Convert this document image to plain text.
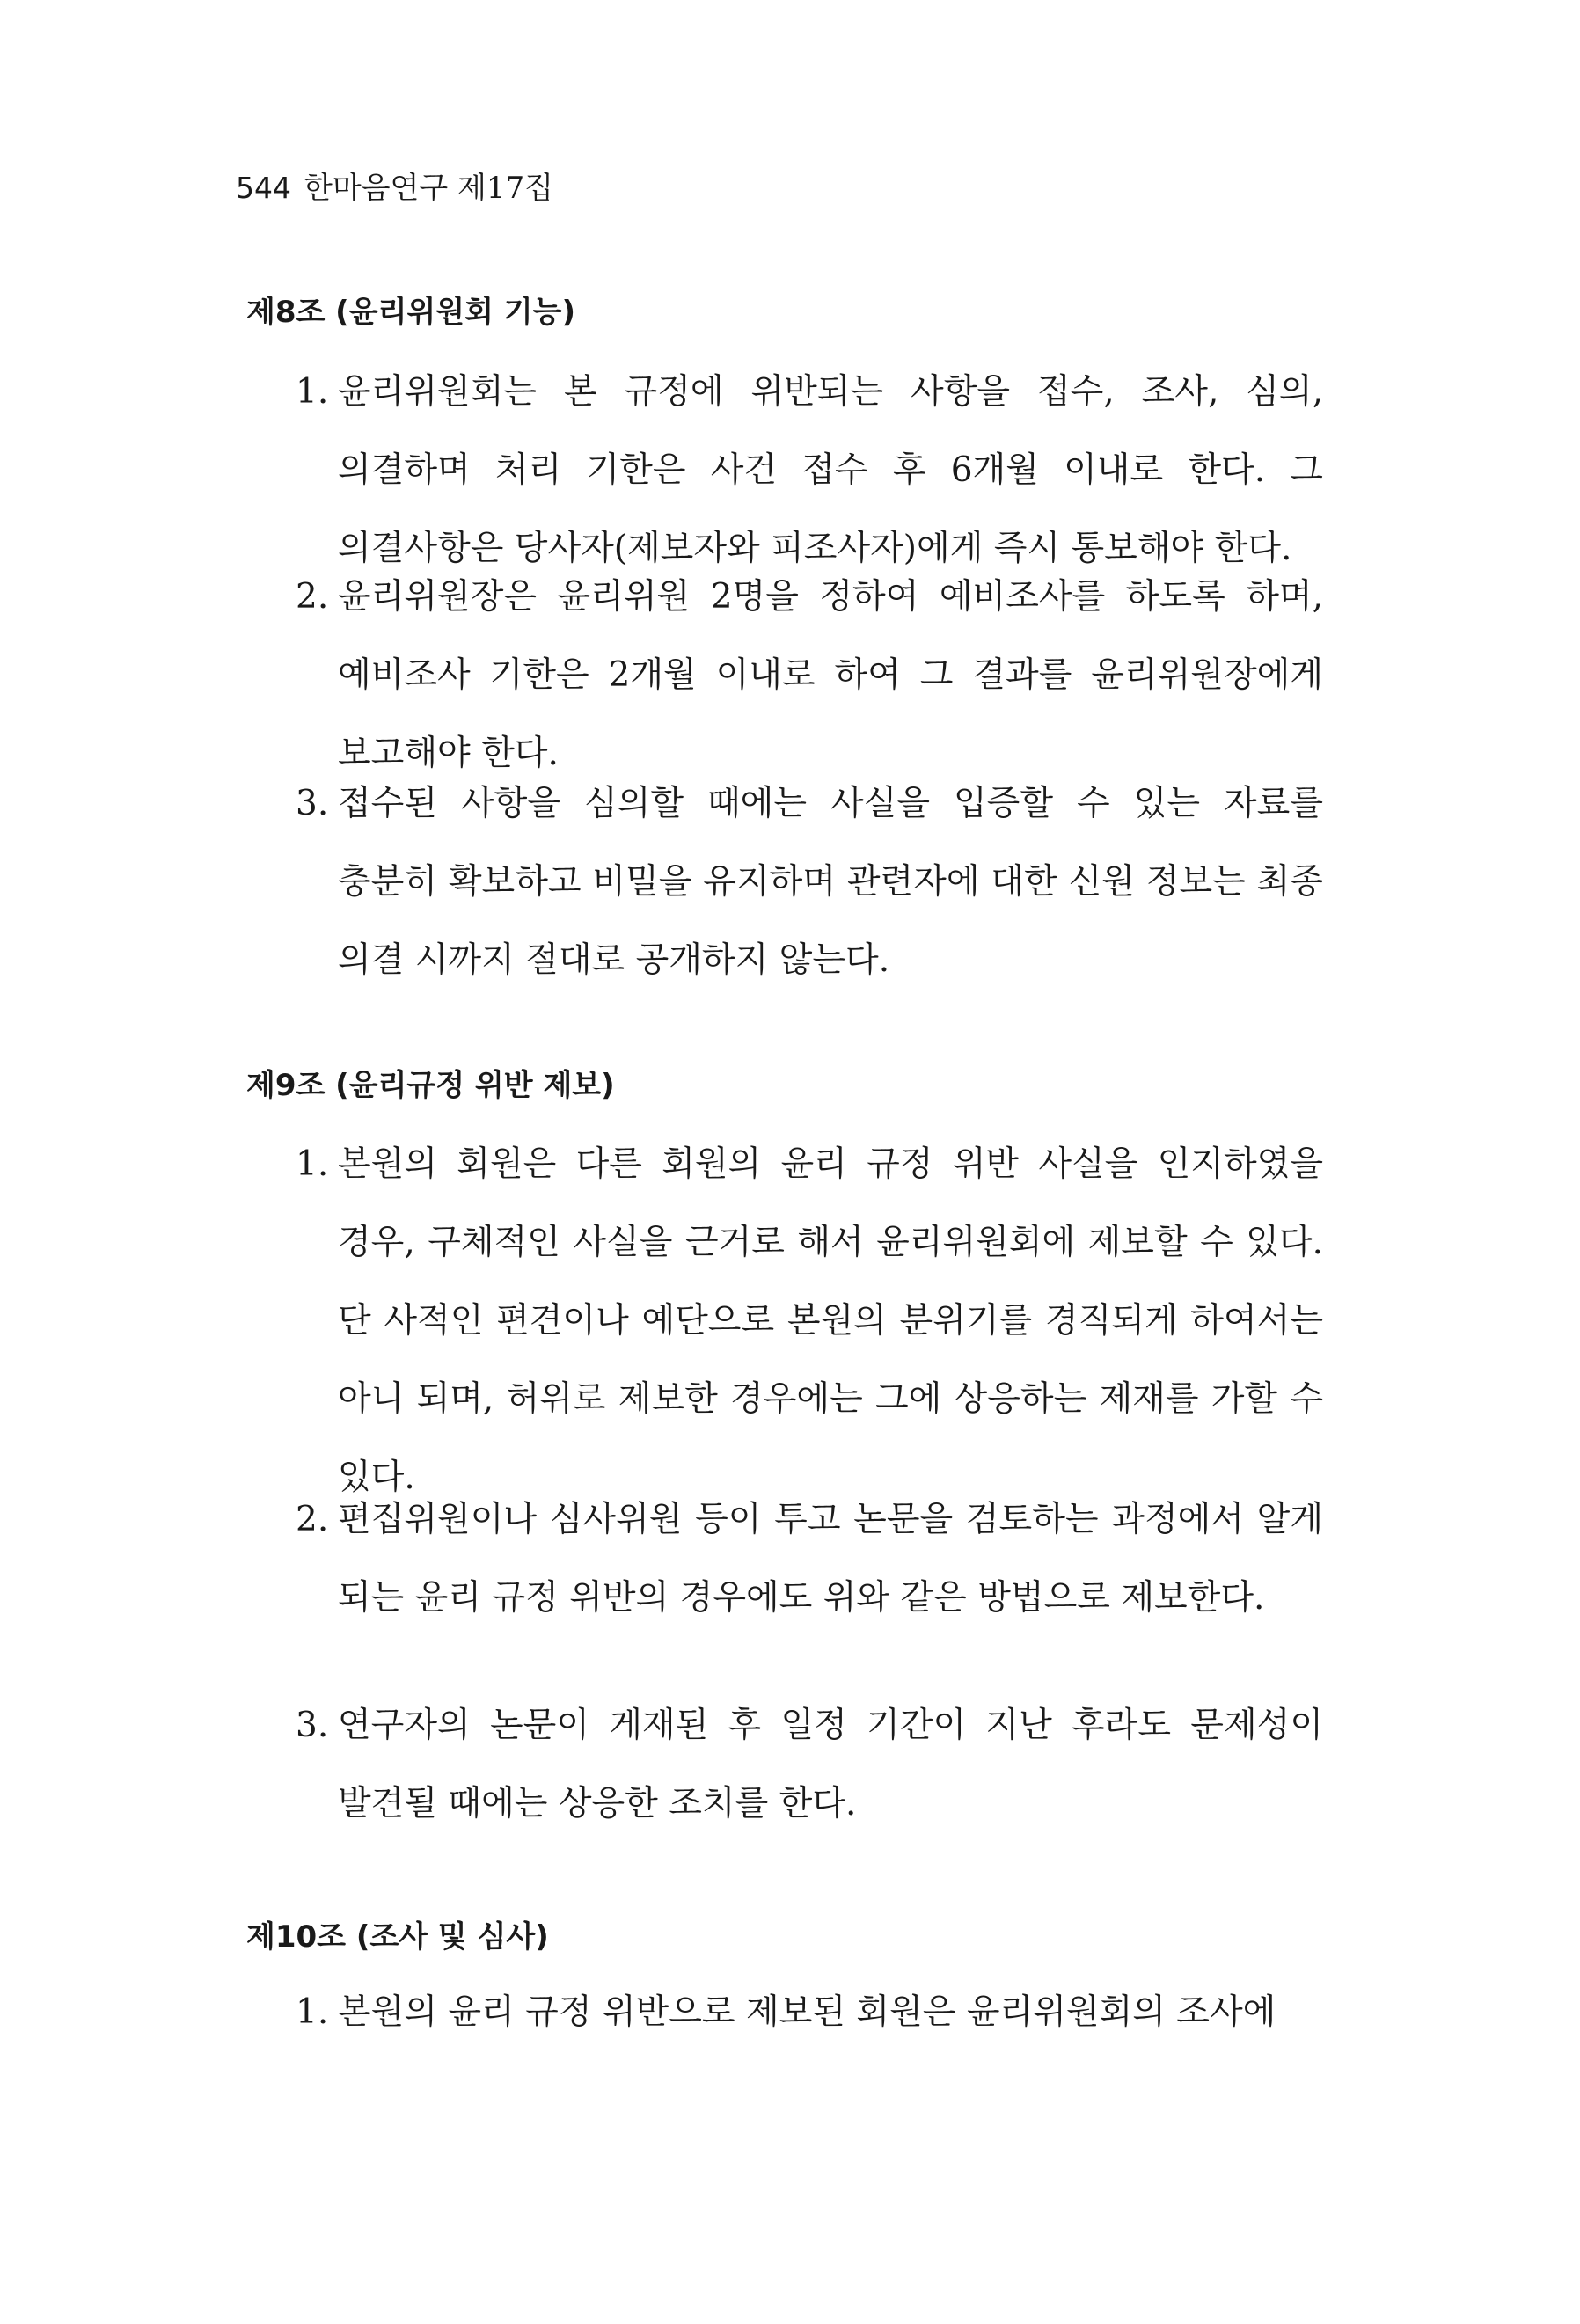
544 한마음연구 제17집
제8조 (윤리위원회 기능)
1. 윤리위원회는 본 규정에 위반되는 사항을 접수, 조사, 심의, 의결하며 처리 기한은 사건 접수 후 6개월 이내로 한다. 그 의결사항은 당사자(제보자와 피조사자)에게 즉시 통보해야 한다.
2. 윤리위원장은 윤리위원 2명을 정하여 예비조사를 하도록 하며, 예비조사 기한은 2개월 이내로 하여 그 결과를 윤리위원장에게 보고해야 한다.
3. 접수된 사항을 심의할 때에는 사실을 입증할 수 있는 자료를 충분히 확보하고 비밀을 유지하며 관련자에 대한 신원 정보는 최종 의결 시까지 절대로 공개하지 않는다.
제9조 (윤리규정 위반 제보)
1. 본원의 회원은 다른 회원의 윤리 규정 위반 사실을 인지하였을 경우, 구체적인 사실을 근거로 해서 윤리위원회에 제보할 수 있다. 단 사적인 편견이나 예단으로 본원의 분위기를 경직되게 하여서는 아니 되며, 허위로 제보한 경우에는 그에 상응하는 제재를 가할 수 있다.
2. 편집위원이나 심사위원 등이 투고 논문을 검토하는 과정에서 알게 되는 윤리 규정 위반의 경우에도 위와 같은 방법으로 제보한다.
3. 연구자의 논문이 게재된 후 일정 기간이 지난 후라도 문제성이 발견될 때에는 상응한 조치를 한다.
제10조 (조사 및 심사)
1. 본원의 윤리 규정 위반으로 제보된 회원은 윤리위원회의 조사에
